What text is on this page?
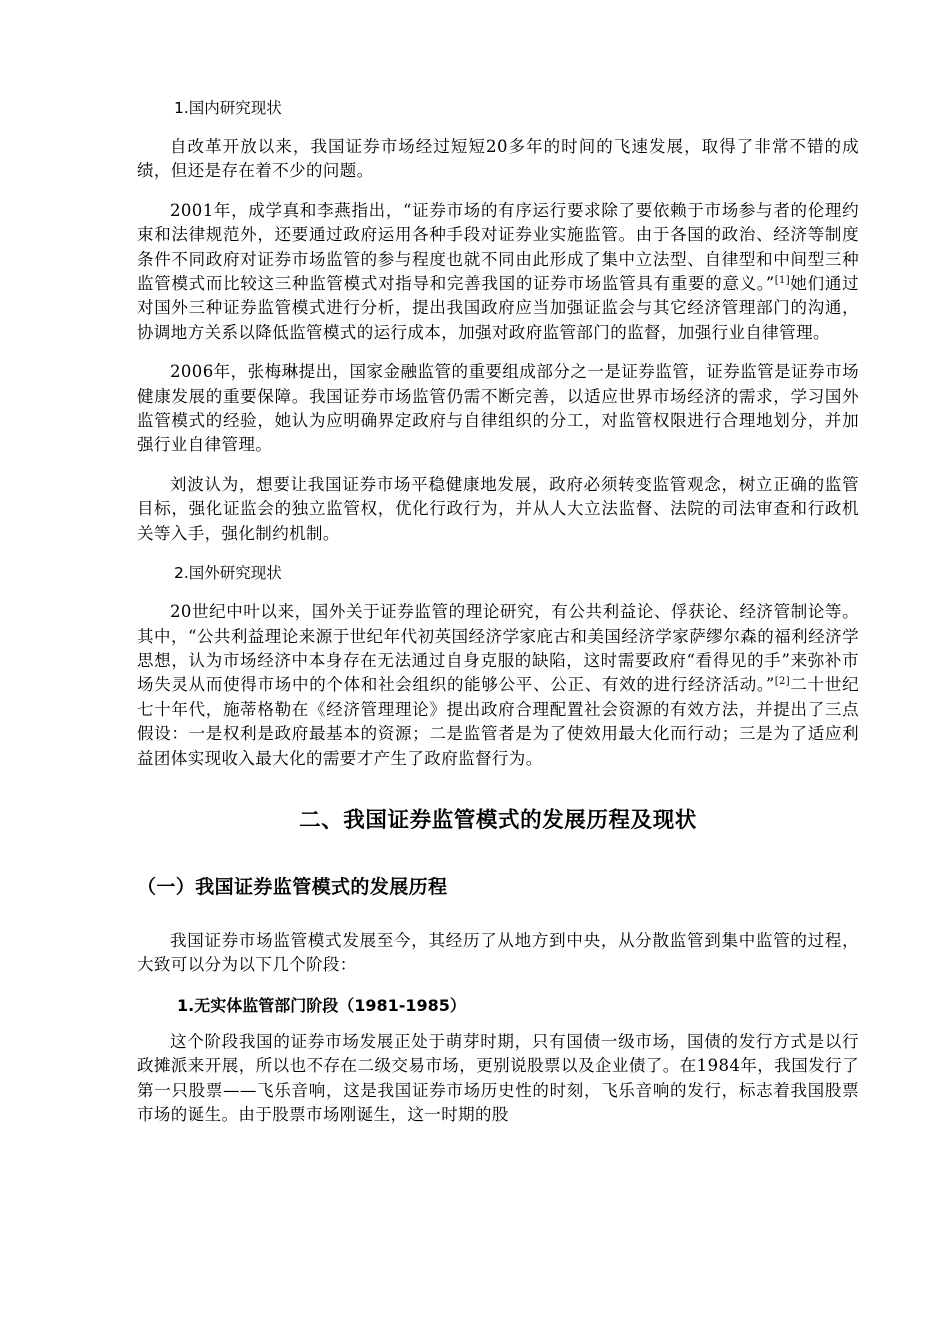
1.国内研究现状

自改革开放以来，我国证券市场经过短短20多年的时间的飞速发展，取得了非常不错的成绩，但还是存在着不少的问题。

2001年，成学真和李燕指出，“证券市场的有序运行要求除了要依赖于市场参与者的伦理约束和法律规范外，还要通过政府运用各种手段对证券业实施监管。由于各国的政治、经济等制度条件不同政府对证券市场监管的参与程度也就不同由此形成了集中立法型、自律型和中间型三种监管模式而比较这三种监管模式对指导和完善我国的证券市场监管具有重要的意义。”[1]她们通过对国外三种证券监管模式进行分析，提出我国政府应当加强证监会与其它经济管理部门的沟通，协调地方关系以降低监管模式的运行成本，加强对政府监管部门的监督，加强行业自律管理。

2006年，张梅琳提出，国家金融监管的重要组成部分之一是证券监管，证券监管是证券市场健康发展的重要保障。我国证券市场监管仍需不断完善，以适应世界市场经济的需求，学习国外监管模式的经验，她认为应明确界定政府与自律组织的分工，对监管权限进行合理地划分，并加强行业自律管理。

刘波认为，想要让我国证券市场平稳健康地发展，政府必须转变监管观念，树立正确的监管目标，强化证监会的独立监管权，优化行政行为，并从人大立法监督、法院的司法审查和行政机关等入手，强化制约机制。

2.国外研究现状

20世纪中叶以来，国外关于证券监管的理论研究，有公共利益论、俘获论、经济管制论等。其中，“公共利益理论来源于世纪年代初英国经济学家庇古和美国经济学家萨缪尔森的福利经济学思想，认为市场经济中本身存在无法通过自身克服的缺陷，这时需要政府“看得见的手”来弥补市场失灵从而使得市场中的个体和社会组织的能够公平、公正、有效的进行经济活动。”[2]二十世纪七十年代，施蒂格勒在《经济管理理论》提出政府合理配置社会资源的有效方法，并提出了三点假设：一是权利是政府最基本的资源；二是监管者是为了使效用最大化而行动；三是为了适应利益团体实现收入最大化的需要才产生了政府监督行为。

二、我国证券监管模式的发展历程及现状
（一）我国证券监管模式的发展历程

我国证券市场监管模式发展至今，其经历了从地方到中央，从分散监管到集中监管的过程，大致可以分为以下几个阶段：

1.无实体监管部门阶段（1981-1985）

这个阶段我国的证券市场发展正处于萌芽时期，只有国债一级市场，国债的发行方式是以行政摊派来开展，所以也不存在二级交易市场，更别说股票以及企业债了。在1984年，我国发行了第一只股票——飞乐音响，这是我国证券市场历史性的时刻，飞乐音响的发行，标志着我国股票市场的诞生。由于股票市场刚诞生，这一时期的股
